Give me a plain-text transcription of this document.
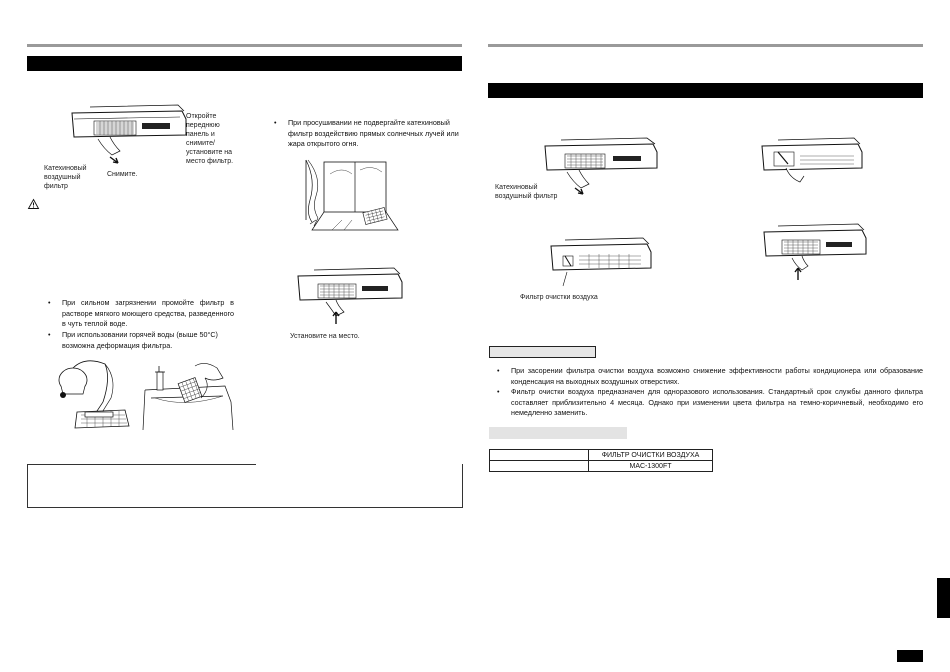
Откройте
переднюю
панель и
снимите/
установите на
место фильтр.
Катехиновый
воздушный
фильтр
Снимите.
• При просушивании не подвергайте катехиновый фильтр воздействию прямых солнечных лучей или жара открытого огня.
Установите на место.
• При сильном загрязнении промойте фильтр в растворе мягкого моющего средства, разведенного в чуть теплой воде.
• При использовании горячей воды (выше 50°C) возможна деформация фильтра.
Катехиновый
воздушный фильтр
Фильтр очистки воздуха
• При засорении фильтра очистки воздуха возможно снижение эффективности работы кондиционера или образование конденсация на выходных воздушных отверстиях.
• Фильтр очистки воздуха предназначен для одноразового использования. Стандартный срок службы данного фильтра составляет приблизительно 4 месяца. Однако при изменении цвета фильтра на темно-коричневый, необходимо его немедленно заменить.
	ФИЛЬТР ОЧИСТКИ ВОЗДУХА
	MAC-1300FT
